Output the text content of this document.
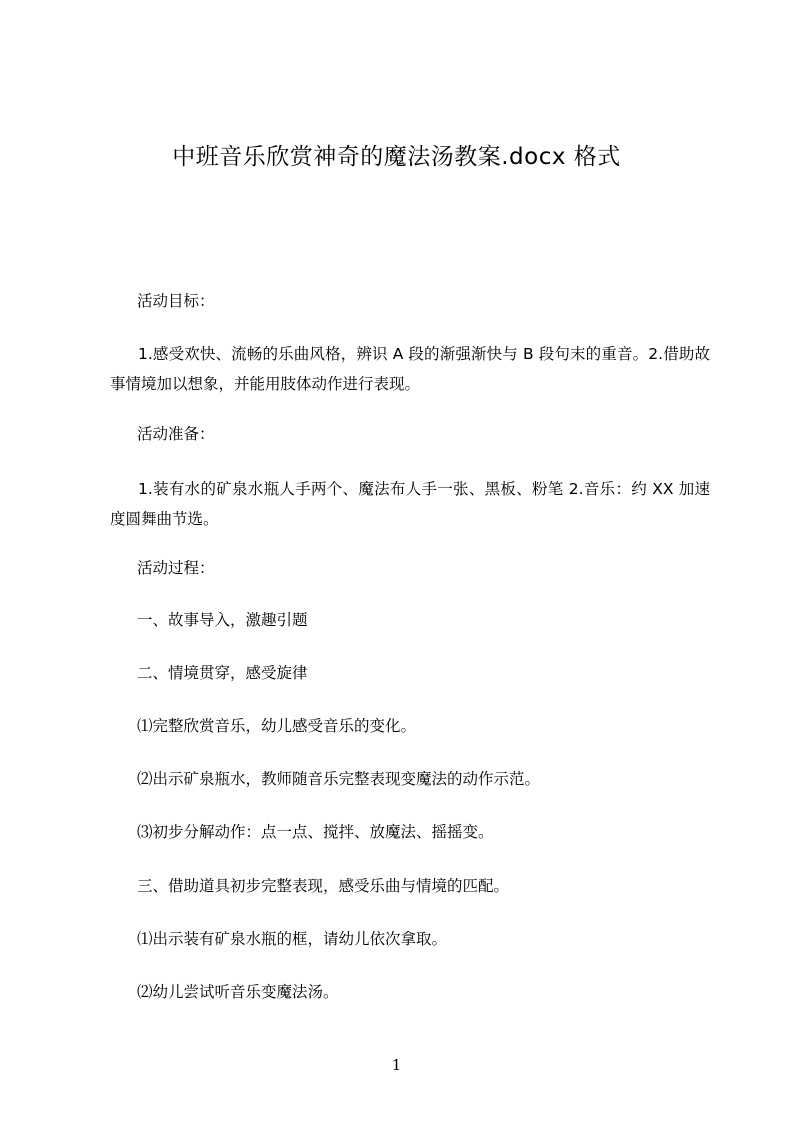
中班音乐欣赏神奇的魔法汤教案.docx 格式
活动目标：
1.感受欢快、流畅的乐曲风格，辨识 A 段的渐强渐快与 B 段句末的重音。2.借助故事情境加以想象，并能用肢体动作进行表现。
活动准备：
1.装有水的矿泉水瓶人手两个、魔法布人手一张、黑板、粉笔 2.音乐：约 XX 加速度圆舞曲节选。
活动过程：
一、故事导入，激趣引题
二、情境贯穿，感受旋律
⑴完整欣赏音乐，幼儿感受音乐的变化。
⑵出示矿泉瓶水，教师随音乐完整表现变魔法的动作示范。
⑶初步分解动作：点一点、搅拌、放魔法、摇摇变。
三、借助道具初步完整表现，感受乐曲与情境的匹配。
⑴出示装有矿泉水瓶的框，请幼儿依次拿取。
⑵幼儿尝试听音乐变魔法汤。
1
